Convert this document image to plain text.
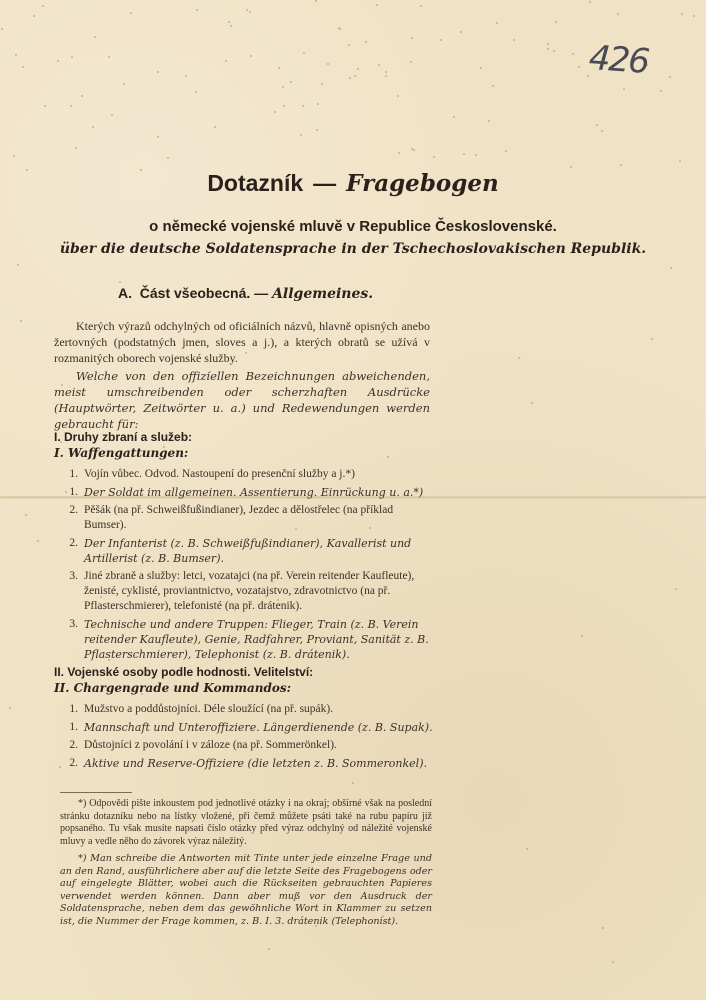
426
Dotazník — Fragebogen
o německé vojenské mluvě v Republice Československé.
über die deutsche Soldatensprache in der Tschechoslovakischen Republik.
A. Část všeobecná. — Allgemeines.
Kterých výrazů odchylných od oficiálních názvů, hlavně opisných anebo žertovných (podstatných jmen, sloves a j.), a kterých obratů se užívá v rozmanitých oborech vojenské služby.
Welche von den offiziellen Bezeichnungen abweichenden, meist umschreibenden oder scherzhaften Ausdrücke (Hauptwörter, Zeitwörter u. a.) und Redewendungen werden gebraucht für:
I. Druhy zbraní a služeb:
I. Waffengattungen:
1. Vojín vůbec. Odvod. Nastoupení do presenční služby a j.*)
1. Der Soldat im allgemeinen. Assentierung. Einrückung u. a.*)
2. Pěšák (na př. Schweißfußindianer), Jezdec a dělostřelec (na příklad Bumser).
2. Der Infanterist (z. B. Schweißfußindianer), Kavallerist und Artillerist (z. B. Bumser).
3. Jiné zbraně a služby: letci, vozatajci (na př. Verein reitender Kaufleute), ženisté, cyklisté, proviantnictvo, vozatajstvo, zdravotnictvo (na př. Pflasterschmierer), telefonisté (na př. drátenik).
3. Technische und andere Truppen: Flieger, Train (z. B. Verein reitender Kaufleute), Genie, Radfahrer, Proviant, Sanität z. B. Pflasterschmierer), Telephonist (z. B. drátenik).
II. Vojenské osoby podle hodnosti. Velitelství:
II. Chargengrade und Kommandos:
1. Mužstvo a poddůstojníci. Déle sloužící (na př. supák).
1. Mannschaft und Unteroffiziere. Längerdienende (z. B. Supak).
2. Důstojníci z povolání i v záloze (na př. Sommerönkel).
2. Aktive und Reserve-Offiziere (die letzten z. B. Sommeronkel).
*) Odpovědi pište inkoustem pod jednotlivé otázky i na okraj; obšírné však na poslední stránku dotazníku nebo na lístky vložené, při čemž můžete psáti také na rubu papíru již popsaného. Tu však musíte napsati číslo otázky před výraz odchylný od náležité vojenské mluvy a vedle něho do závorek výraz náležitý.
*) Man schreibe die Antworten mit Tinte unter jede einzelne Frage und an den Rand, ausführlichere aber auf die letzte Seite des Fragebogens oder auf eingelegte Blätter, wobei auch die Rückseiten gebrauchten Papieres verwendet werden können. Dann aber muß vor den Ausdruck der Soldatensprache, neben dem das gewöhnliche Wort in Klammer zu setzen ist, die Nummer der Frage kommen, z. B. I. 3. drátenik (Telephonist).
